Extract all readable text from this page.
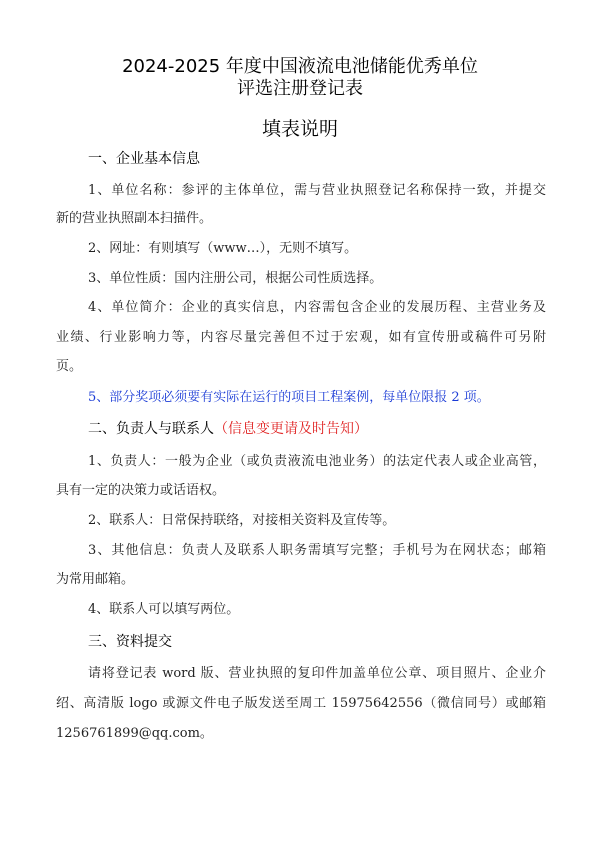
2024-2025 年度中国液流电池储能优秀单位
评选注册登记表
填表说明
一、企业基本信息
1、单位名称：参评的主体单位，需与营业执照登记名称保持一致，并提交
新的营业执照副本扫描件。
2、网址：有则填写（www…），无则不填写。
3、单位性质：国内注册公司，根据公司性质选择。
4、单位简介：企业的真实信息，内容需包含企业的发展历程、主营业务及
业绩、行业影响力等，内容尽量完善但不过于宏观，如有宣传册或稿件可另附
页。
5、部分奖项必须要有实际在运行的项目工程案例，每单位限报 2 项。
二、负责人与联系人（信息变更请及时告知）
1、负责人：一般为企业（或负责液流电池业务）的法定代表人或企业高管，
具有一定的决策力或话语权。
2、联系人：日常保持联络，对接相关资料及宣传等。
3、其他信息：负责人及联系人职务需填写完整；手机号为在网状态；邮箱
为常用邮箱。
4、联系人可以填写两位。
三、资料提交
请将登记表 word 版、营业执照的复印件加盖单位公章、项目照片、企业介
绍、高清版 logo 或源文件电子版发送至周工 15975642556（微信同号）或邮箱
1256761899@qq.com。
